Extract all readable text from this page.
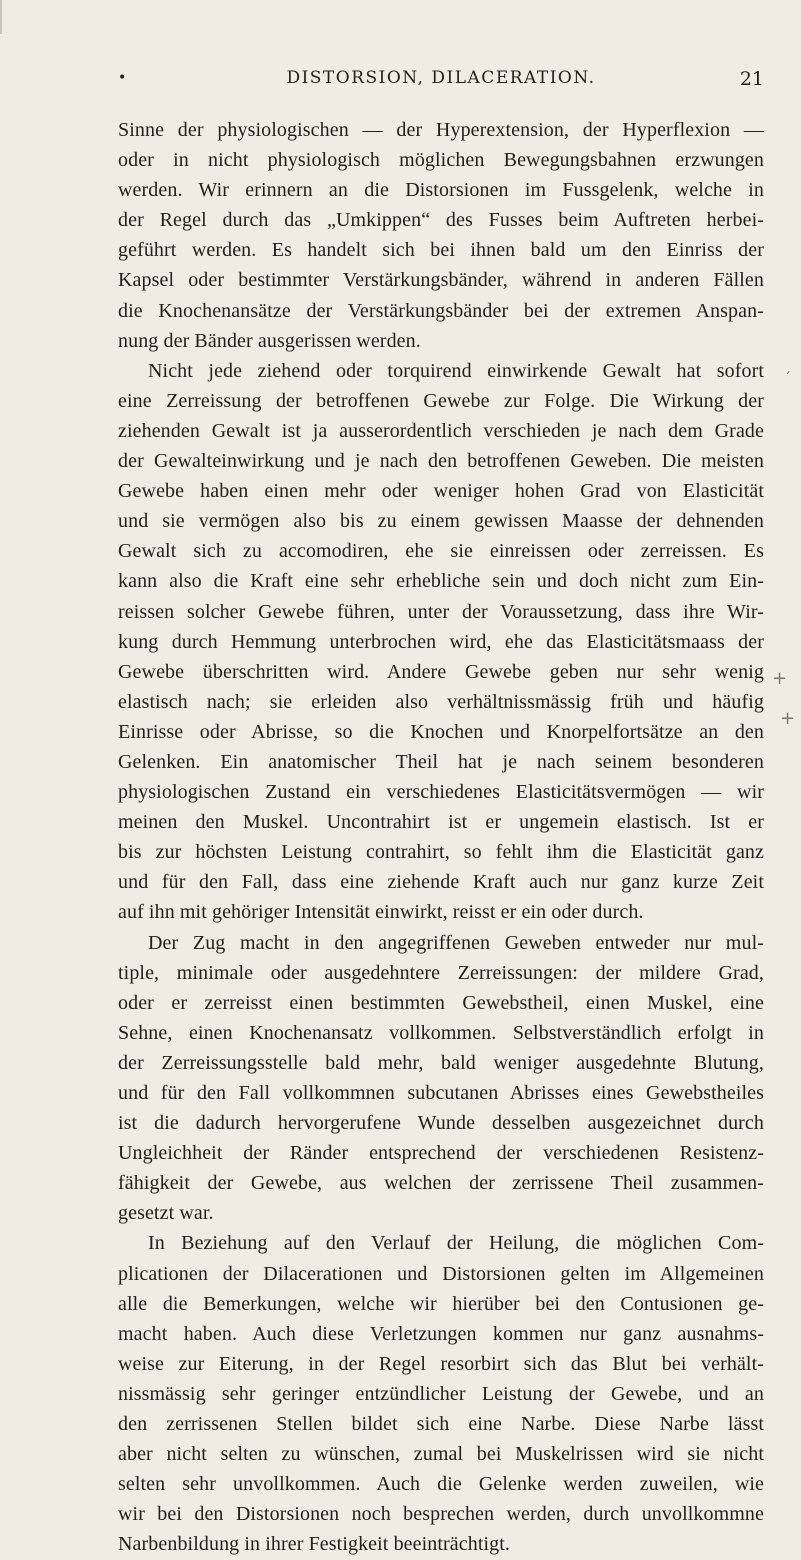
•	DISTORSION, DILACERATION.	21
Sinne der physiologischen — der Hyperextension, der Hyperflexion —
oder in nicht physiologisch möglichen Bewegungsbahnen erzwungen
werden. Wir erinnern an die Distorsionen im Fussgelenk, welche in
der Regel durch das „Umkippen“ des Fusses beim Auftreten herbei-
geführt werden. Es handelt sich bei ihnen bald um den Einriss der
Kapsel oder bestimmter Verstärkungsbänder, während in anderen Fällen
die Knochenansätze der Verstärkungsbänder bei der extremen Anspan-
nung der Bänder ausgerissen werden.
Nicht jede ziehend oder torquirend einwirkende Gewalt hat sofort
eine Zerreissung der betroffenen Gewebe zur Folge. Die Wirkung der
ziehenden Gewalt ist ja ausserordentlich verschieden je nach dem Grade
der Gewalteinwirkung und je nach den betroffenen Geweben. Die meisten
Gewebe haben einen mehr oder weniger hohen Grad von Elasticität
und sie vermögen also bis zu einem gewissen Maasse der dehnenden
Gewalt sich zu accomodiren, ehe sie einreissen oder zerreissen. Es
kann also die Kraft eine sehr erhebliche sein und doch nicht zum Ein-
reissen solcher Gewebe führen, unter der Voraussetzung, dass ihre Wir-
kung durch Hemmung unterbrochen wird, ehe das Elasticitätsmaass der
Gewebe überschritten wird. Andere Gewebe geben nur sehr wenig
elastisch nach; sie erleiden also verhältnissmässig früh und häufig
Einrisse oder Abrisse, so die Knochen und Knorpelfortsätze an den
Gelenken. Ein anatomischer Theil hat je nach seinem besonderen
physiologischen Zustand ein verschiedenes Elasticitätsvermögen — wir
meinen den Muskel. Uncontrahirt ist er ungemein elastisch. Ist er
bis zur höchsten Leistung contrahirt, so fehlt ihm die Elasticität ganz
und für den Fall, dass eine ziehende Kraft auch nur ganz kurze Zeit
auf ihn mit gehöriger Intensität einwirkt, reisst er ein oder durch.
Der Zug macht in den angegriffenen Geweben entweder nur mul-
tiple, minimale oder ausgedehntere Zerreissungen: der mildere Grad,
oder er zerreisst einen bestimmten Gewebstheil, einen Muskel, eine
Sehne, einen Knochenansatz vollkommen. Selbstverständlich erfolgt in
der Zerreissungsstelle bald mehr, bald weniger ausgedehnte Blutung,
und für den Fall vollkommnen subcutanen Abrisses eines Gewebstheiles
ist die dadurch hervorgerufene Wunde desselben ausgezeichnet durch
Ungleichheit der Ränder entsprechend der verschiedenen Resistenz-
fähigkeit der Gewebe, aus welchen der zerrissene Theil zusammen-
gesetzt war.
In Beziehung auf den Verlauf der Heilung, die möglichen Com-
plicationen der Dilacerationen und Distorsionen gelten im Allgemeinen
alle die Bemerkungen, welche wir hierüber bei den Contusionen ge-
macht haben. Auch diese Verletzungen kommen nur ganz ausnahms-
weise zur Eiterung, in der Regel resorbirt sich das Blut bei verhält-
nissmässig sehr geringer entzündlicher Leistung der Gewebe, und an
den zerrissenen Stellen bildet sich eine Narbe. Diese Narbe lässt
aber nicht selten zu wünschen, zumal bei Muskelrissen wird sie nicht
selten sehr unvollkommen. Auch die Gelenke werden zuweilen, wie
wir bei den Distorsionen noch besprechen werden, durch unvollkommne
Narbenbildung in ihrer Festigkeit beeinträchtigt.
+
+
´
